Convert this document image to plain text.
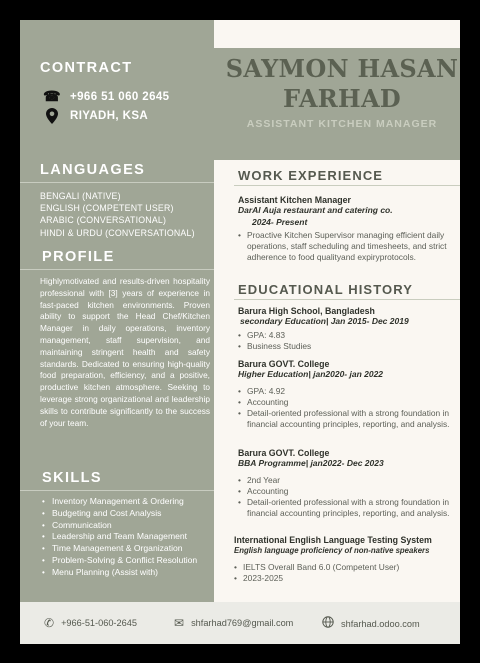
CONTRACT
☎ +966 51 060 2645
RIYADH, KSA
LANGUAGES
BENGALI (NATIVE)
ENGLISH (COMPETENT USER)
ARABIC (CONVERSATIONAL)
HINDI & URDU (CONVERSATIONAL)
PROFILE
Highlymotivated and results-driven hospitality professional with [3] years of experience in fast-paced kitchen environments. Proven ability to support the Head Chef/Kitchen Manager in daily operations, inventory management, staff supervision, and maintaining stringent health and safety standards. Dedicated to ensuring high-quality food preparation, efficiency, and a positive, productive kitchen atmosphere. Seeking to leverage strong organizational and leadership skills to contribute significantly to the success of your team.
SKILLS
• Inventory Management & Ordering
• Budgeting and Cost Analysis
• Communication
• Leadership and Team Management
• Time Management & Organization
• Problem-Solving & Conflict Resolution
• Menu Planning (Assist with)
SAYMON HASAN
FARHAD
ASSISTANT KITCHEN MANAGER
WORK EXPERIENCE
Assistant Kitchen Manager
DarAl Auja restaurant and catering co.
2024- Present
• Proactive Kitchen Supervisor managing efficient daily operations, staff scheduling and timesheets, and strict adherence to food qualityand expiryprotocols.
EDUCATIONAL HISTORY
Barura High School, Bangladesh
secondary Education| Jan 2015- Dec 2019
• GPA: 4.83
• Business Studies
Barura GOVT. College
Higher Education| jan2020- jan 2022
• GPA: 4.92
• Accounting
• Detail-oriented professional with a strong foundation in financial accounting principles, reporting, and analysis.
Barura GOVT. College
BBA Programme| jan2022- Dec 2023
• 2nd Year
• Accounting
• Detail-oriented professional with a strong foundation in financial accounting principles, reporting, and analysis.
International English Language Testing System
English language proficiency of non-native speakers
• IELTS Overall Band 6.0 (Competent User)
• 2023-2025
✆ +966-51-060-2645	✉ shfarhad769@gmail.com	shfarhad.odoo.com
